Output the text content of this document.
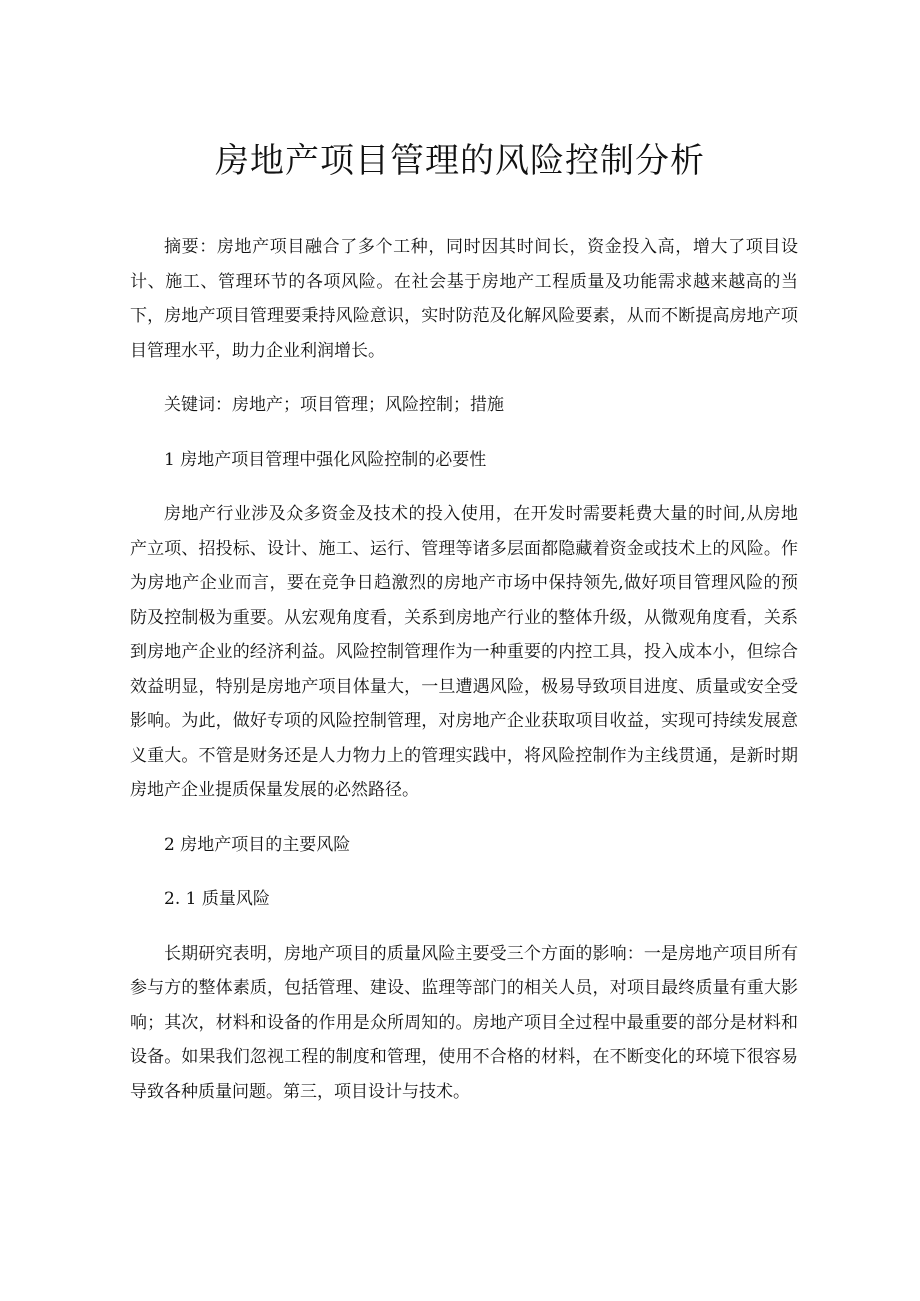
房地产项目管理的风险控制分析

摘要：房地产项目融合了多个工种，同时因其时间长，资金投入高，增大了项目设计、施工、管理环节的各项风险。在社会基于房地产工程质量及功能需求越来越高的当下，房地产项目管理要秉持风险意识，实时防范及化解风险要素，从而不断提高房地产项目管理水平，助力企业利润增长。

关键词：房地产；项目管理；风险控制；措施

1 房地产项目管理中强化风险控制的必要性

房地产行业涉及众多资金及技术的投入使用，在开发时需要耗费大量的时间,从房地产立项、招投标、设计、施工、运行、管理等诸多层面都隐藏着资金或技术上的风险。作为房地产企业而言，要在竞争日趋激烈的房地产市场中保持领先,做好项目管理风险的预防及控制极为重要。从宏观角度看，关系到房地产行业的整体升级，从微观角度看，关系到房地产企业的经济利益。风险控制管理作为一种重要的内控工具，投入成本小，但综合效益明显，特别是房地产项目体量大，一旦遭遇风险，极易导致项目进度、质量或安全受影响。为此，做好专项的风险控制管理，对房地产企业获取项目收益，实现可持续发展意义重大。不管是财务还是人力物力上的管理实践中，将风险控制作为主线贯通，是新时期房地产企业提质保量发展的必然路径。

2 房地产项目的主要风险

2. 1 质量风险

长期研究表明，房地产项目的质量风险主要受三个方面的影响：一是房地产项目所有参与方的整体素质，包括管理、建设、监理等部门的相关人员，对项目最终质量有重大影响；其次，材料和设备的作用是众所周知的。房地产项目全过程中最重要的部分是材料和设备。如果我们忽视工程的制度和管理，使用不合格的材料，在不断变化的环境下很容易导致各种质量问题。第三，项目设计与技术。
